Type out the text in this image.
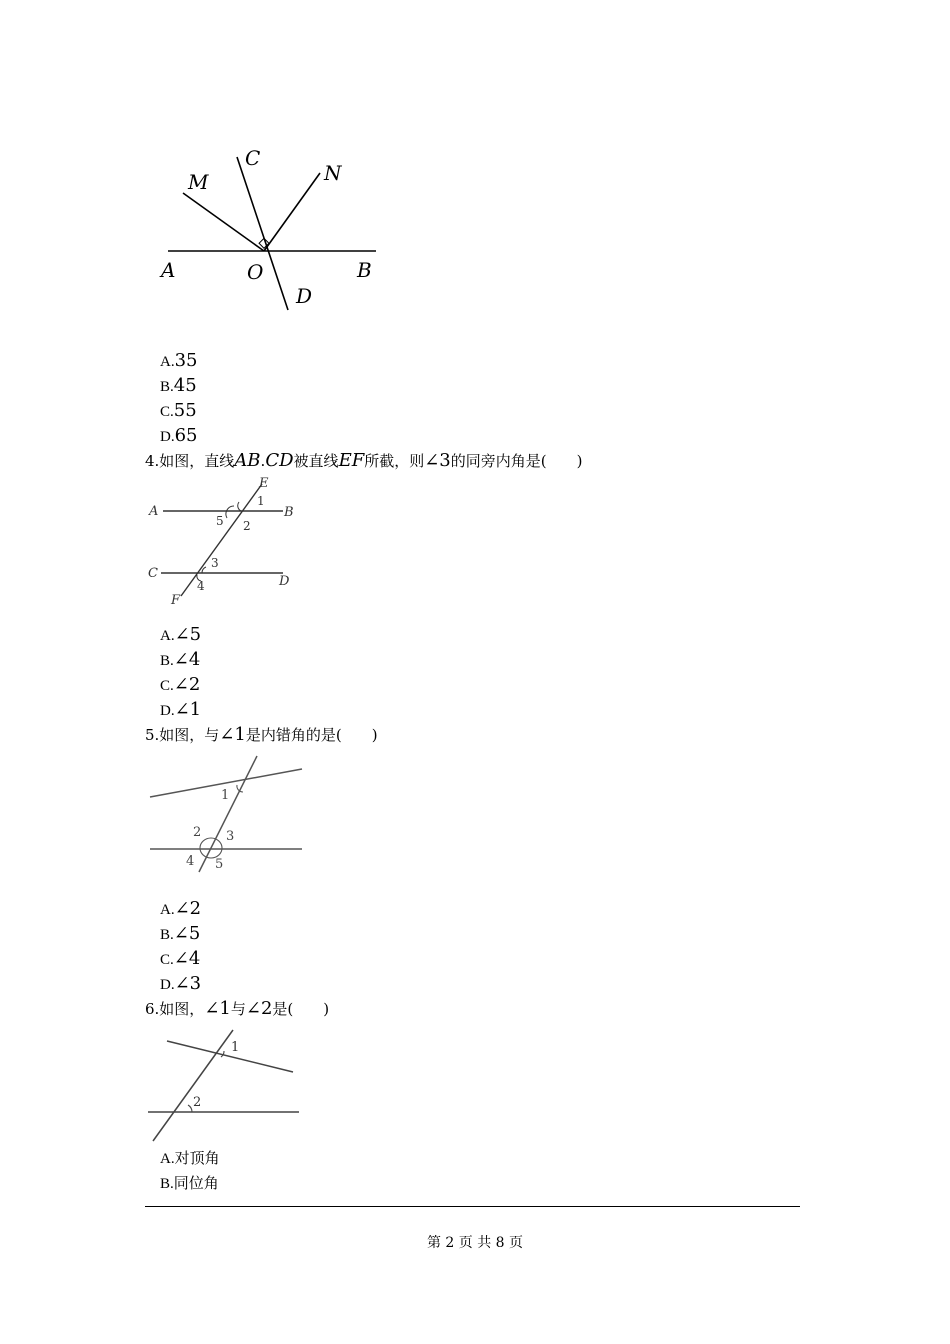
M
C
N
A	O	B
D
A.35
B.45
C.55
D.65
4.如图，直线AB.CD被直线EF所截，则∠3的同旁内角是(　　)
A	B
C
D
E
F
1
2
3
4
5
A.∠5
B.∠4
C.∠2
D.∠1
5.如图，与∠1是内错角的是(　　)
1
2 3
4 5
A.∠2
B.∠5
C.∠4
D.∠3
6.如图，∠1与∠2是(　　)
1
2
A.对顶角
B.同位角
第 2 页 共 8 页
